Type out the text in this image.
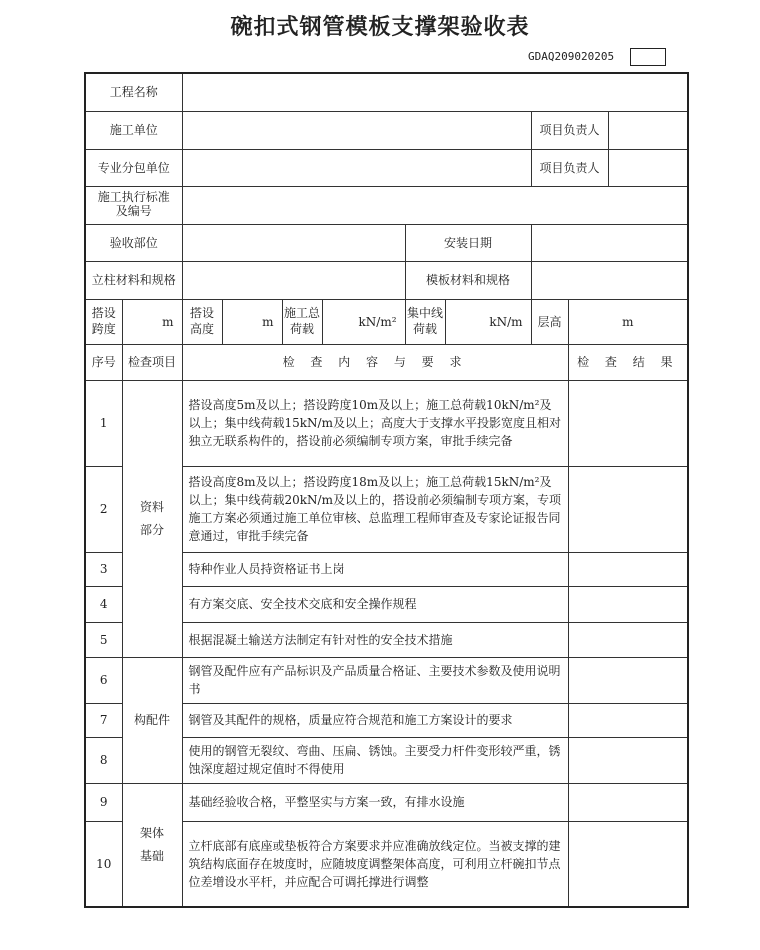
碗扣式钢管模板支撑架验收表
GDAQ209020205
工程名称										
施工单位								项目负责人		
专业分包单位								项目负责人		

施工执行标准及编号										

验收部位						安装日期				
立柱材料和规格						模板材料和规格				

搭设跨度	m	搭设高度	m	施工总荷载	kN/m²	集中线荷载	kN/m	层高	m	
序号	检查项目	检 查 内 容 与 要 求							检 查 结 果	
1	资料部分	搭设高度5m及以上；搭设跨度10m及以上；施工总荷载10kN/m²及以上；集中线荷载15kN/m及以上；高度大于支撑水平投影宽度且相对独立无联系构件的，搭设前必须编制专项方案，审批手续完备								
2		搭设高度8m及以上；搭设跨度18m及以上；施工总荷载15kN/m²及以上；集中线荷载20kN/m及以上的，搭设前必须编制专项方案，专项施工方案必须通过施工单位审核、总监理工程师审查及专家论证报告同意通过，审批手续完备								
3		特种作业人员持资格证书上岗								
4		有方案交底、安全技术交底和安全操作规程								
5		根据混凝土输送方法制定有针对性的安全技术措施								
6	构配件	钢管及配件应有产品标识及产品质量合格证、主要技术参数及使用说明书								
7		钢管及其配件的规格，质量应符合规范和施工方案设计的要求								
8		使用的钢管无裂纹、弯曲、压扁、锈蚀。主要受力杆件变形较严重，锈蚀深度超过规定值时不得使用								
9	架体基础	基础经验收合格，平整坚实与方案一致，有排水设施								
10		立杆底部有底座或垫板符合方案要求并应准确放线定位。当被支撑的建筑结构底面存在坡度时，应随坡度调整架体高度，可利用立杆碗扣节点位差增设水平杆，并应配合可调托撑进行调整								
